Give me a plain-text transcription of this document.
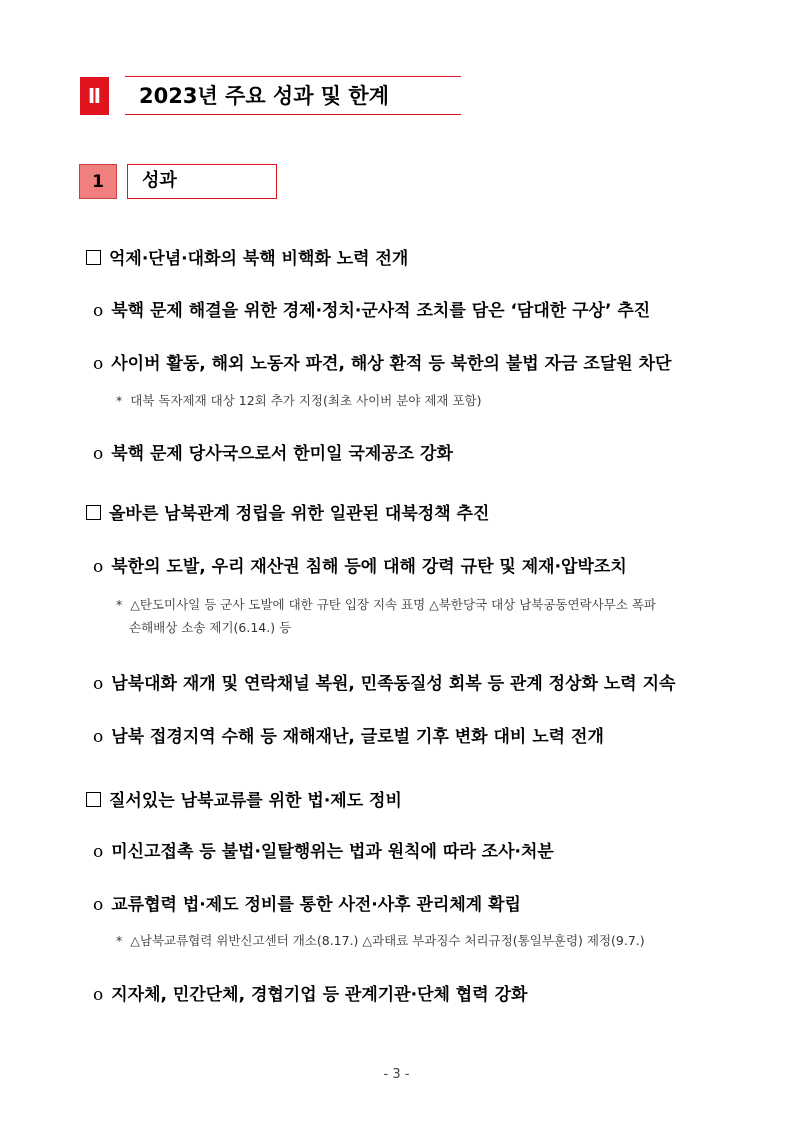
Ⅱ	2023년 주요 성과 및 한계
1	성과
억제·단념·대화의 북핵 비핵화 노력 전개
o 북핵 문제 해결을 위한 경제·정치·군사적 조치를 담은 ‘담대한 구상’ 추진
o 사이버 활동, 해외 노동자 파견, 해상 환적 등 북한의 불법 자금 조달원 차단
* 대북 독자제재 대상 12회 추가 지정(최초 사이버 분야 제재 포함)
o 북핵 문제 당사국으로서 한미일 국제공조 강화
올바른 남북관계 정립을 위한 일관된 대북정책 추진
o 북한의 도발, 우리 재산권 침해 등에 대해 강력 규탄 및 제재·압박조치
* △탄도미사일 등 군사 도발에 대한 규탄 입장 지속 표명 △북한당국 대상 남북공동연락사무소 폭파
손해배상 소송 제기(6.14.) 등
o 남북대화 재개 및 연락채널 복원, 민족동질성 회복 등 관계 정상화 노력 지속
o 남북 접경지역 수해 등 재해재난, 글로벌 기후 변화 대비 노력 전개
질서있는 남북교류를 위한 법·제도 정비
o 미신고접촉 등 불법·일탈행위는 법과 원칙에 따라 조사·처분
o 교류협력 법·제도 정비를 통한 사전·사후 관리체계 확립
* △남북교류협력 위반신고센터 개소(8.17.) △과태료 부과징수 처리규정(통일부훈령) 제정(9.7.)
o 지자체, 민간단체, 경협기업 등 관계기관·단체 협력 강화
- 3 -
